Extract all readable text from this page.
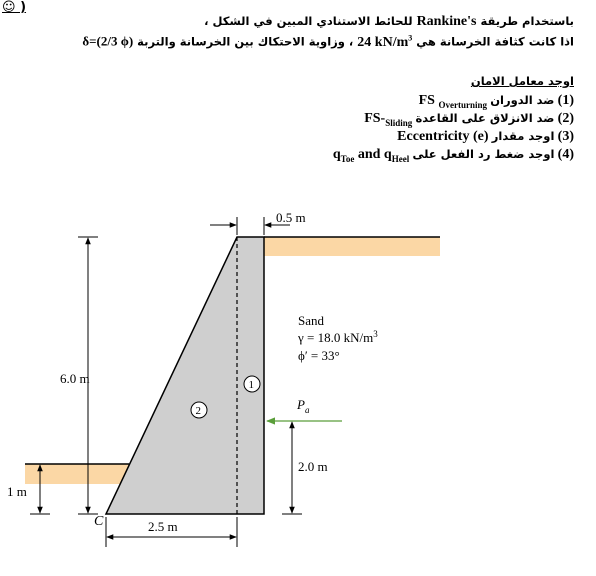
☺ )
باستخدام طريقة Rankine's للحائط الاستنادي المبين في الشكل ،
اذا كانت كثافة الخرسانة هي 24 $kN/m^3$ ، وزاوية الاحتكاك بين الخرسانة والتربة δ=(2/3 ϕ)
اوجد معامل الامان
(1) ضد الدوران FS $_{Overturning}$
(2) ضد الانزلاق على القاعدة $FS-_{Sliding}$
(3) اوجد مقدار Eccentricity (e)
(4) اوجد ضغط رد الفعل على $q_{Toe}$ and $q_{Heel}$
0.5 m
6.0 m
1 m
2.5 m
C
1
2
Sand
γ = 18.0 $kN/m^3$
ϕ′ = 33°
$P_a$
2.0 m
